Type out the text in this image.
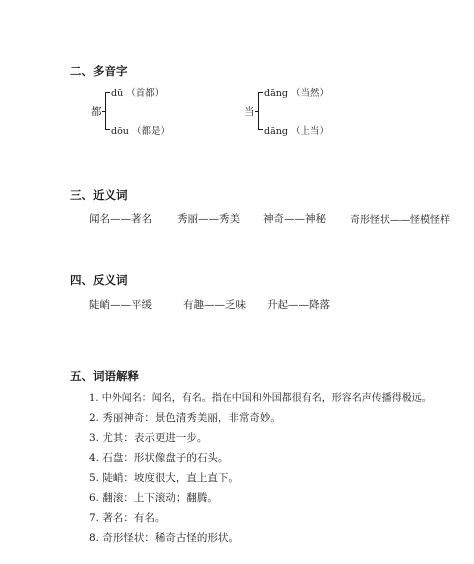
二、多音字
都
dū （首都）
dōu （都是）
当
dāng （当然）
dāng （上当）
三、近义词
闻名——著名 秀丽——秀美 神奇——神秘 奇形怪状——怪模怪样
四、反义词
陡峭——平缓	有趣——乏味 升起——降落
五、词语解释
1. 中外闻名：闻名，有名。指在中国和外国都很有名，形容名声传播得极远。
2. 秀丽神奇：景色清秀美丽，非常奇妙。
3. 尤其：表示更进一步。
4. 石盘：形状像盘子的石头。
5. 陡峭：坡度很大，直上直下。
6. 翻滚：上下滚动；翻腾。
7. 著名：有名。
8. 奇形怪状：稀奇古怪的形状。
